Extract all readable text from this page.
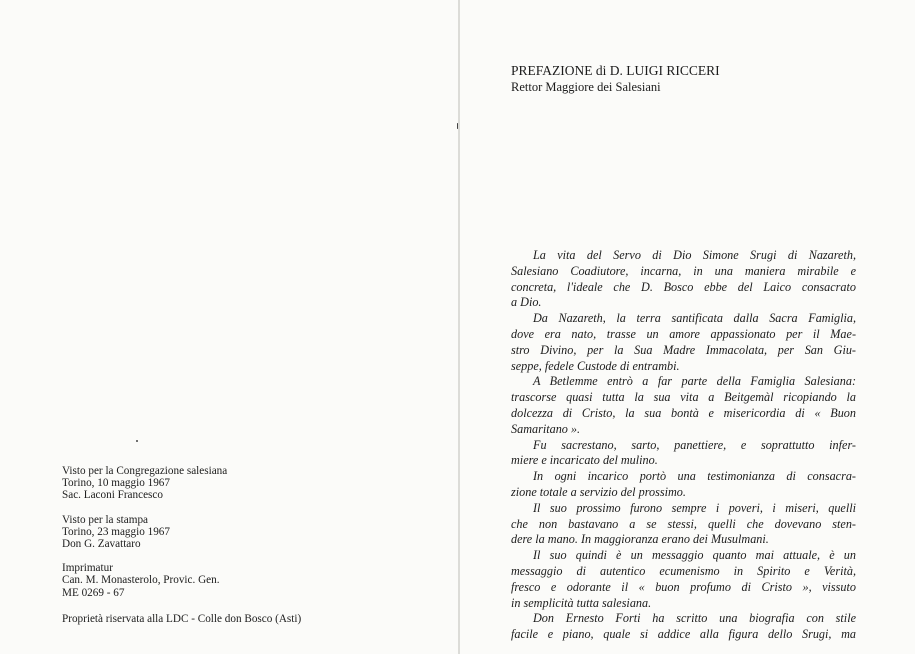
Visto per la Congregazione salesiana
Torino, 10 maggio 1967
Sac. Laconi Francesco
Visto per la stampa
Torino, 23 maggio 1967
Don G. Zavattaro
Imprimatur
Can. M. Monasterolo, Provic. Gen.
ME 0269 - 67
Proprietà riservata alla LDC - Colle don Bosco (Asti)
PREFAZIONE di D. LUIGI RICCERI
Rettor Maggiore dei Salesiani
La vita del Servo di Dio Simone Srugi di Nazareth,
Salesiano Coadiutore, incarna, in una maniera mirabile e
concreta, l'ideale che D. Bosco ebbe del Laico consacrato
a Dio.
Da Nazareth, la terra santificata dalla Sacra Famiglia,
dove era nato, trasse un amore appassionato per il Mae-
stro Divino, per la Sua Madre Immacolata, per San Giu-
seppe, fedele Custode di entrambi.
A Betlemme entrò a far parte della Famiglia Salesiana:
trascorse quasi tutta la sua vita a Beitgemàl ricopiando la
dolcezza di Cristo, la sua bontà e misericordia di « Buon
Samaritano ».
Fu sacrestano, sarto, panettiere, e soprattutto infer-
miere e incaricato del mulino.
In ogni incarico portò una testimonianza di consacra-
zione totale a servizio del prossimo.
Il suo prossimo furono sempre i poveri, i miseri, quelli
che non bastavano a se stessi, quelli che dovevano sten-
dere la mano. In maggioranza erano dei Musulmani.
Il suo quindi è un messaggio quanto mai attuale, è un
messaggio di autentico ecumenismo in Spirito e Verità,
fresco e odorante il « buon profumo di Cristo », vissuto
in semplicità tutta salesiana.
Don Ernesto Forti ha scritto una biografia con stile
facile e piano, quale si addice alla figura dello Srugi, ma
